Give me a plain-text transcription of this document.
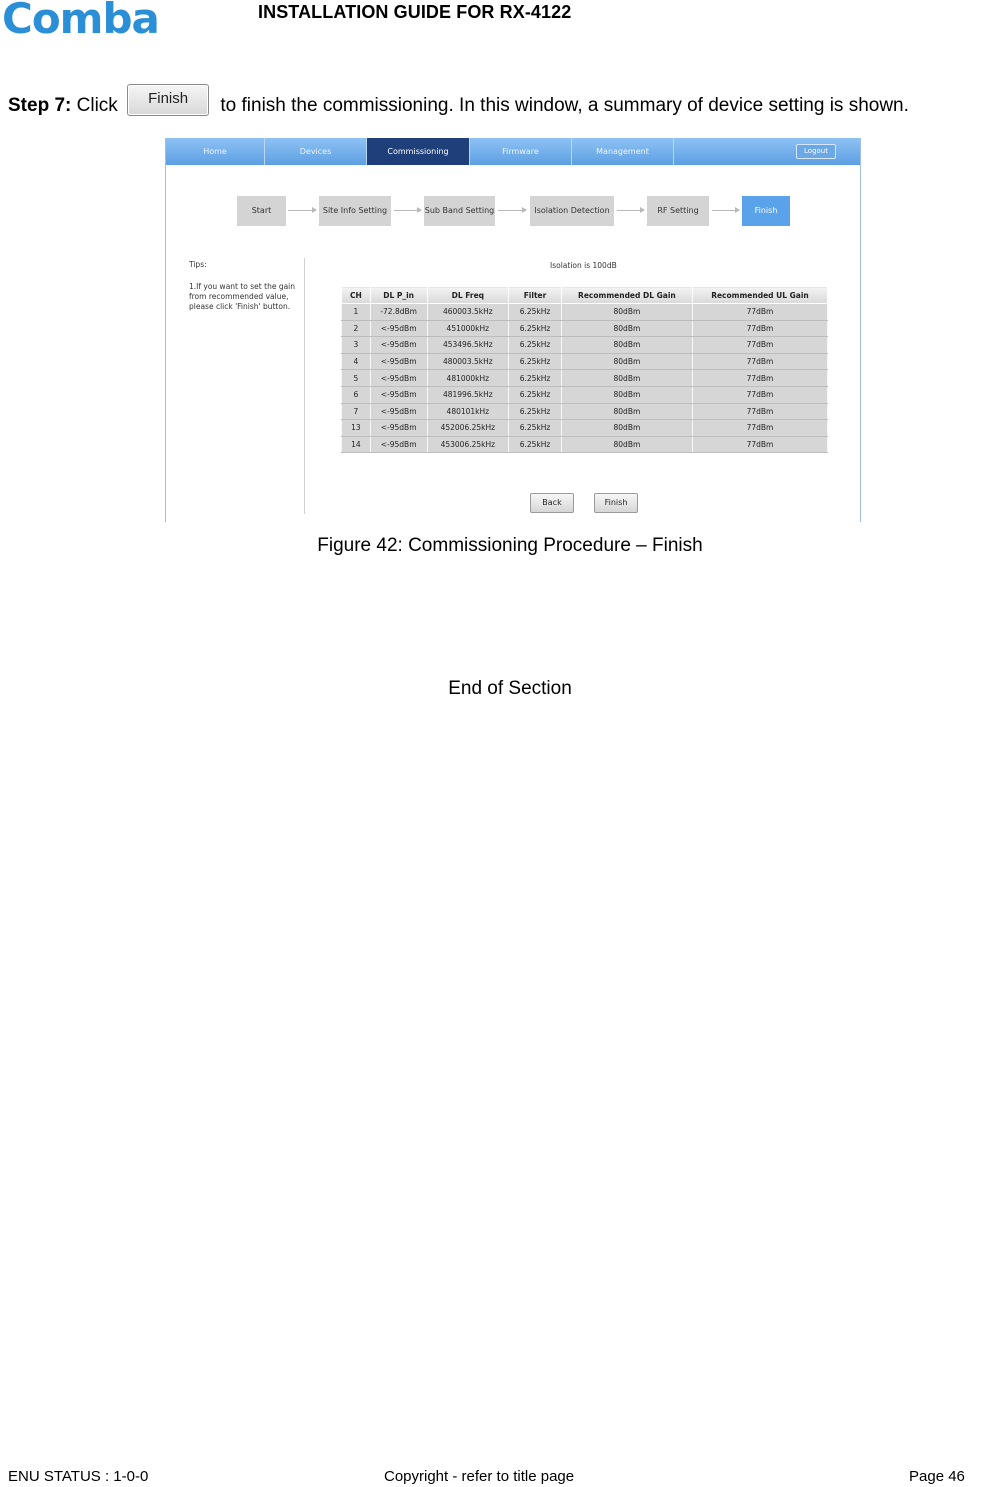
Comba	INSTALLATION GUIDE FOR RX-4122
Step 7: Click Finish to finish the commissioning. In this window, a summary of device setting is shown.
Home	Devices	Commissioning	Firmware	Management	Logout
Start	Site Info Setting	Sub Band Setting	Isolation Detection	RF Setting	Finish

Tips:

1.If you want to set the gain from recommended value, please click 'Finish' button.

Isolation is 100dB
CH	DL P_in	DL Freq	Filter	Recommended DL Gain	Recommended UL Gain
1	-72.8dBm	460003.5kHz	6.25kHz	80dBm	77dBm
2	<-95dBm	451000kHz	6.25kHz	80dBm	77dBm
3	<-95dBm	453496.5kHz	6.25kHz	80dBm	77dBm
4	<-95dBm	480003.5kHz	6.25kHz	80dBm	77dBm
5	<-95dBm	481000kHz	6.25kHz	80dBm	77dBm
6	<-95dBm	481996.5kHz	6.25kHz	80dBm	77dBm
7	<-95dBm	480101kHz	6.25kHz	80dBm	77dBm
13	<-95dBm	452006.25kHz	6.25kHz	80dBm	77dBm
14	<-95dBm	453006.25kHz	6.25kHz	80dBm	77dBm
Back	Finish
Figure 42: Commissioning Procedure – Finish
End of Section
ENU STATUS : 1-0-0	Copyright - refer to title page	Page 46
